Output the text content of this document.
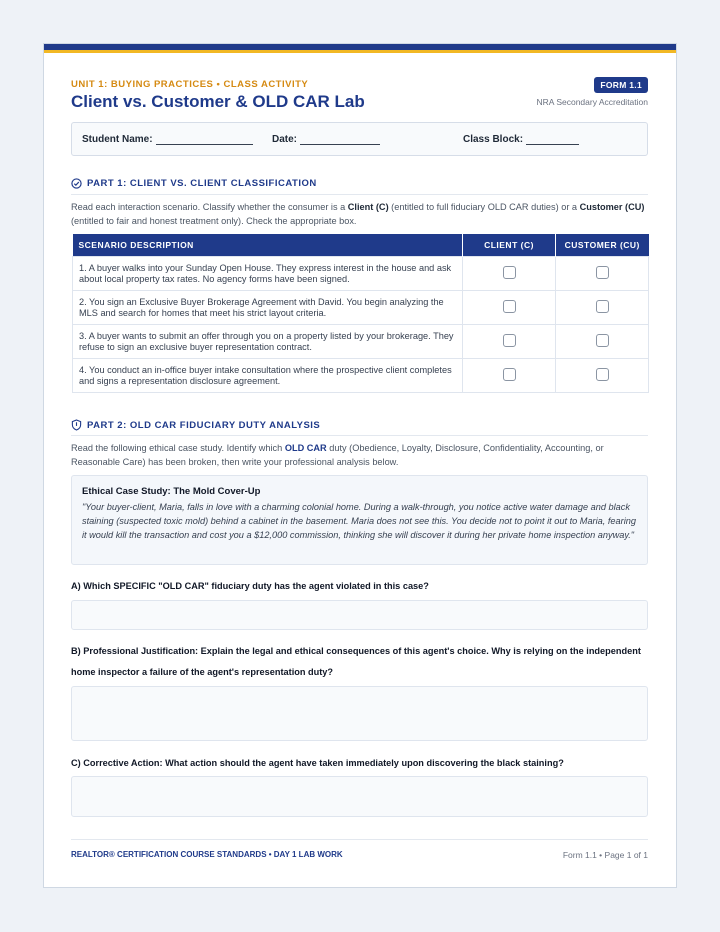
UNIT 1: BUYING PRACTICES • CLASS ACTIVITY
Client vs. Customer & OLD CAR Lab
FORM 1.1
NRA Secondary Accreditation
Student Name:	Date:	Class Block:
PART 1: CLIENT VS. CLIENT CLASSIFICATION
Read each interaction scenario. Classify whether the consumer is a Client (C) (entitled to full fiduciary OLD CAR duties) or a Customer (CU) (entitled to fair and honest treatment only). Check the appropriate box.
SCENARIO DESCRIPTION	CLIENT (C)	CUSTOMER (CU)
1. A buyer walks into your Sunday Open House. They express interest in the house and ask about local property tax rates. No agency forms have been signed.		
2. You sign an Exclusive Buyer Brokerage Agreement with David. You begin analyzing the MLS and search for homes that meet his strict layout criteria.		
3. A buyer wants to submit an offer through you on a property listed by your brokerage. They refuse to sign an exclusive buyer representation contract.		
4. You conduct an in-office buyer intake consultation where the prospective client completes and signs a representation disclosure agreement.		
PART 2: OLD CAR FIDUCIARY DUTY ANALYSIS
Read the following ethical case study. Identify which OLD CAR duty (Obedience, Loyalty, Disclosure, Confidentiality, Accounting, or Reasonable Care) has been broken, then write your professional analysis below.
Ethical Case Study: The Mold Cover-Up
"Your buyer-client, Maria, falls in love with a charming colonial home. During a walk-through, you notice active water damage and black staining (suspected toxic mold) behind a cabinet in the basement. Maria does not see this. You decide not to point it out to Maria, fearing it would kill the transaction and cost you a $12,000 commission, thinking she will discover it during her private home inspection anyway."
A) Which SPECIFIC "OLD CAR" fiduciary duty has the agent violated in this case?
B) Professional Justification: Explain the legal and ethical consequences of this agent's choice. Why is relying on the independent home inspector a failure of the agent's representation duty?
C) Corrective Action: What action should the agent have taken immediately upon discovering the black staining?
REALTOR® CERTIFICATION COURSE STANDARDS • DAY 1 LAB WORK	Form 1.1 • Page 1 of 1
